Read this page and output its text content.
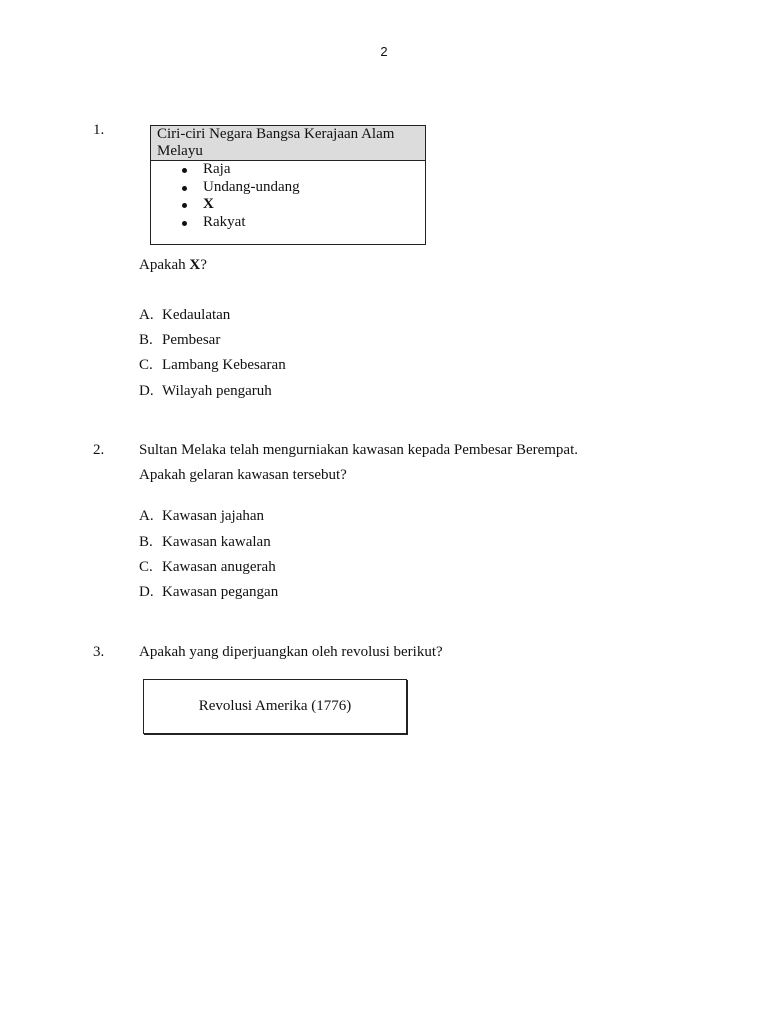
2
1.	Ciri-ciri Negara Bangsa Kerajaan Alam Melayu
Raja
Undang-undang
X
Rakyat
Apakah X?
A. Kedaulatan
B. Pembesar
C. Lambang Kebesaran
D. Wilayah pengaruh
2. Sultan Melaka telah mengurniakan kawasan kepada Pembesar Berempat.
Apakah gelaran kawasan tersebut?
A. Kawasan jajahan
B. Kawasan kawalan
C. Kawasan anugerah
D. Kawasan pegangan
3. Apakah yang diperjuangkan oleh revolusi berikut?
Revolusi Amerika (1776)
